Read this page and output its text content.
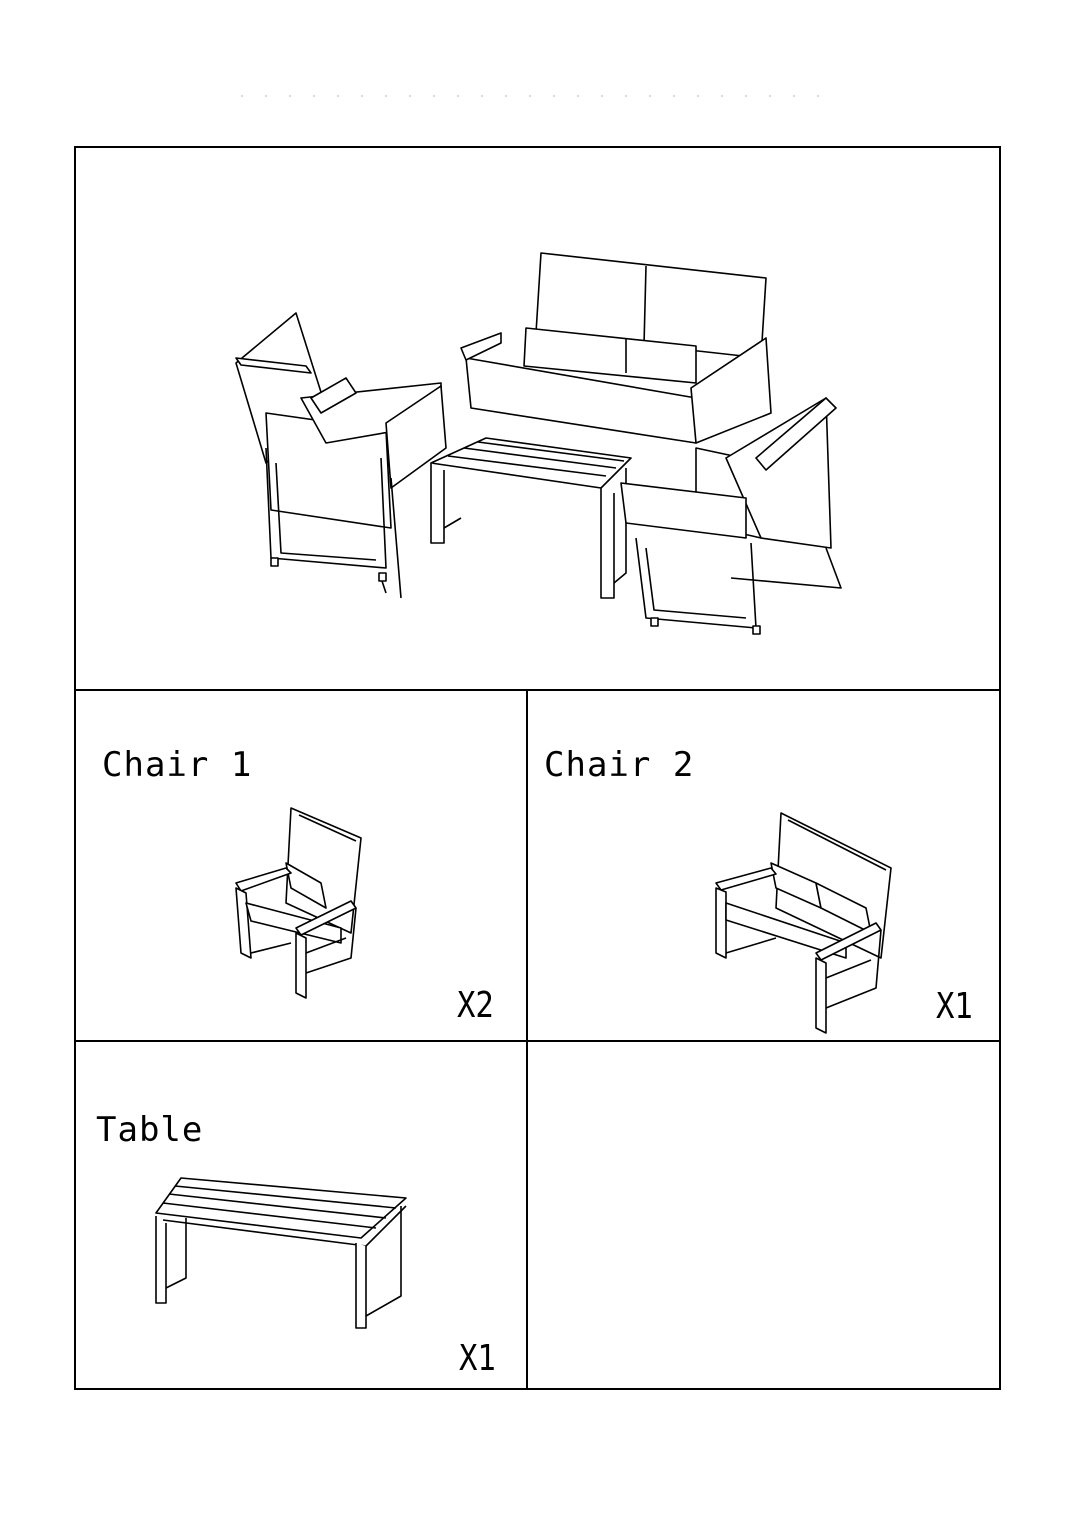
Chair 1
X2
Chair 2
X1
Table
X1
